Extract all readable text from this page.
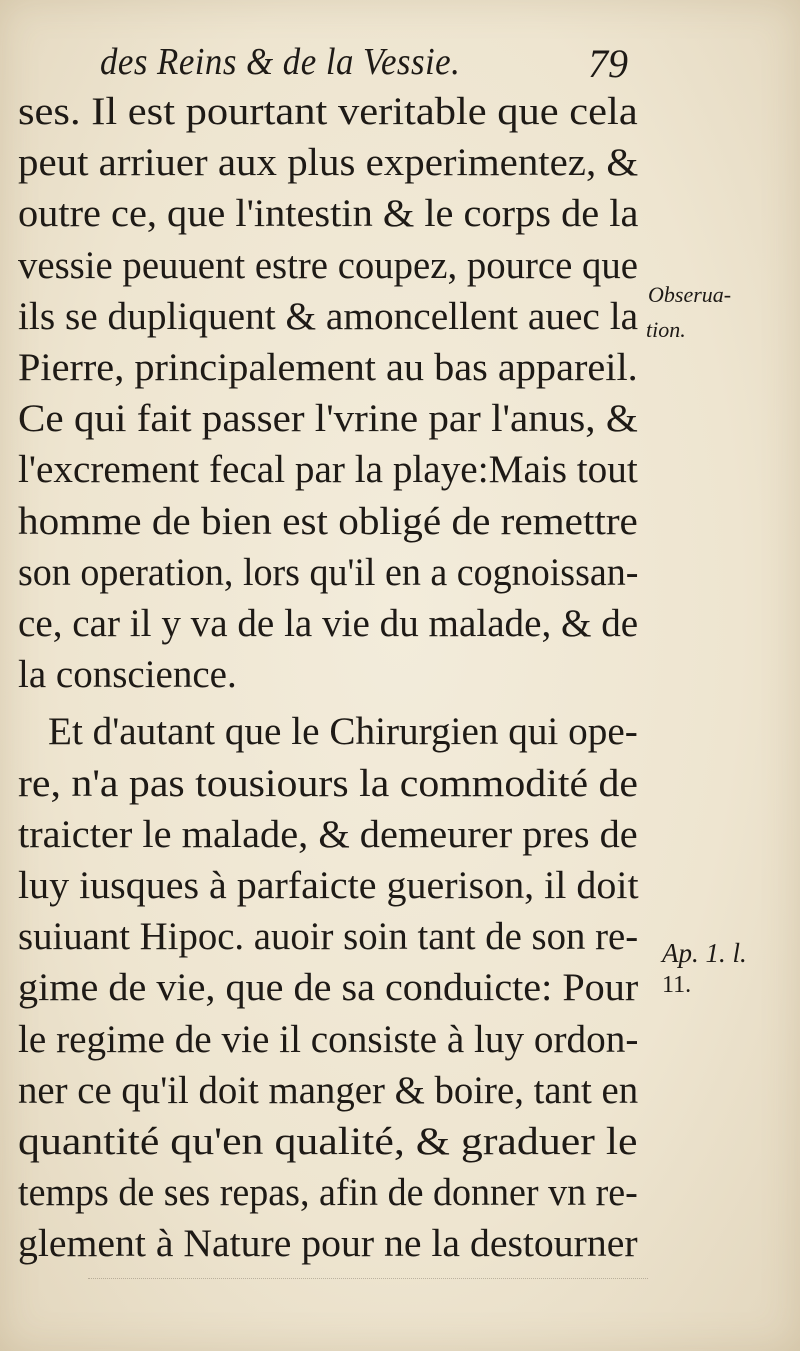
des Reins & de la Vessie.	79
ses. Il est pourtant veritable que cela
peut arriuer aux plus experimentez, &
outre ce, que l'intestin & le corps de la
vessie peuuent estre coupez, pource que
ils se dupliquent & amoncellent auec la
Pierre, principalement au bas appareil.
Ce qui fait passer l'vrine par l'anus, &
l'excrement fecal par la playe:Mais tout
homme de bien est obligé de remettre
son operation, lors qu'il en a cognoissan-
ce, car il y va de la vie du malade, & de
la conscience.
Et d'autant que le Chirurgien qui ope-
re, n'a pas tousiours la commodité de
traicter le malade, & demeurer pres de
luy iusques à parfaicte guerison, il doit
suiuant Hipoc. auoir soin tant de son re-
gime de vie, que de sa conduicte: Pour
le regime de vie il consiste à luy ordon-
ner ce qu'il doit manger & boire, tant en
quantité qu'en qualité, & graduer le
temps de ses repas, afin de donner vn re-
glement à Nature pour ne la destourner
Obserua-
tion.
Ap. 1. l.
11.
